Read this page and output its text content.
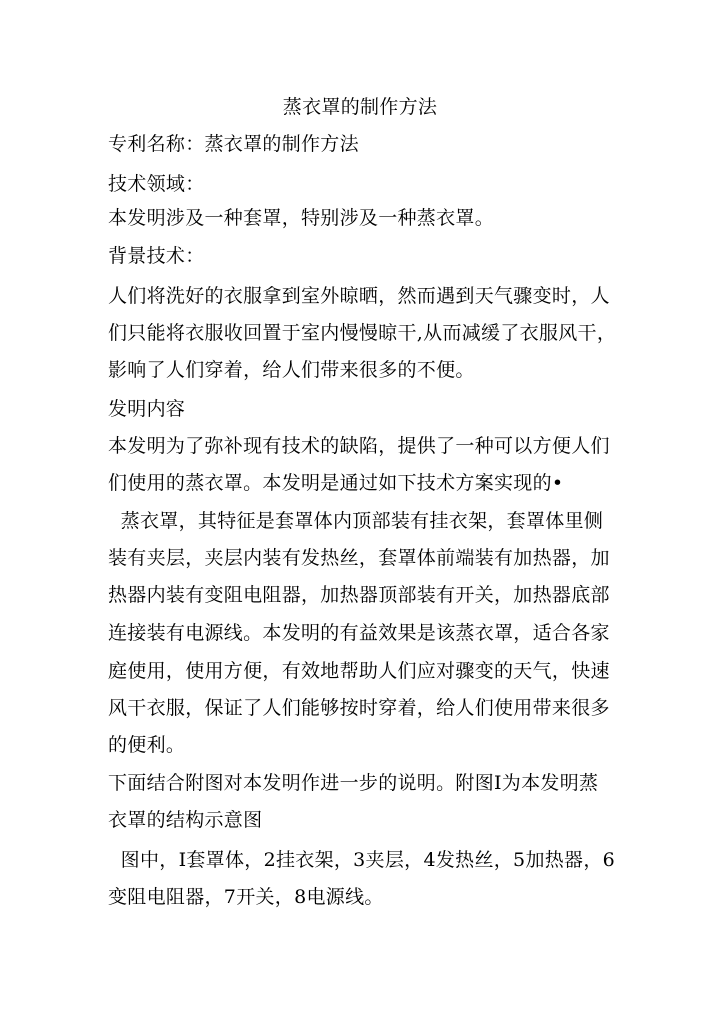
蒸衣罩的制作方法
专利名称：蒸衣罩的制作方法
技术领域：
本发明涉及一种套罩，特别涉及一种蒸衣罩。
背景技术：
人们将洗好的衣服拿到室外晾晒，然而遇到天气骤变时，人
们只能将衣服收回置于室内慢慢晾干,从而减缓了衣服风干，
影响了人们穿着，给人们带来很多的不便。
发明内容
本发明为了弥补现有技术的缺陷，提供了一种可以方便人们
们使用的蒸衣罩。本发明是通过如下技术方案实现的•
蒸衣罩，其特征是套罩体内顶部装有挂衣架，套罩体里侧
装有夹层，夹层内装有发热丝，套罩体前端装有加热器，加
热器内装有变阻电阻器，加热器顶部装有开关，加热器底部
连接装有电源线。本发明的有益效果是该蒸衣罩，适合各家
庭使用，使用方便，有效地帮助人们应对骤变的天气，快速
风干衣服，保证了人们能够按时穿着，给人们使用带来很多
的便利。
下面结合附图对本发明作进一步的说明。附图I为本发明蒸
衣罩的结构示意图
图中，I套罩体，2挂衣架，3夹层，4发热丝，5加热器，6
变阻电阻器，7开关，8电源线。
